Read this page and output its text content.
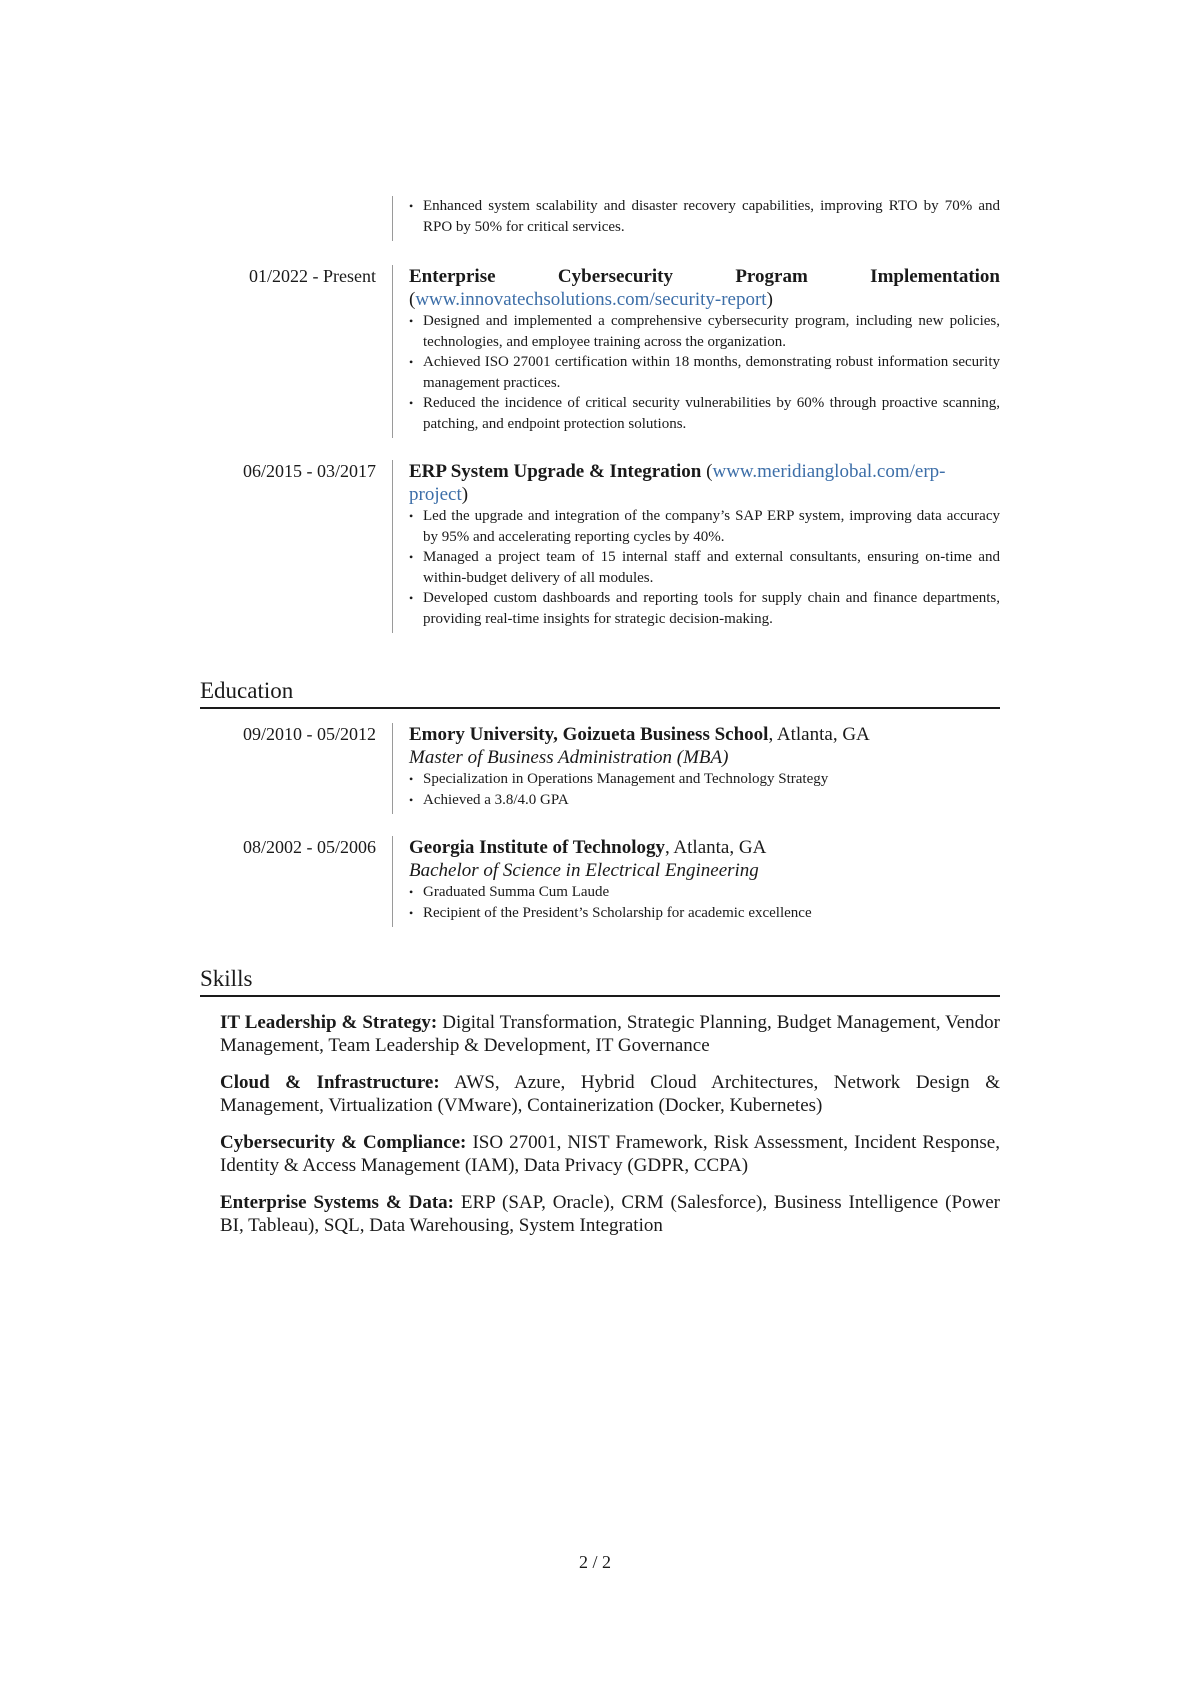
• Enhanced system scalability and disaster recovery capabilities, improving RTO by 70% and RPO by 50% for critical services.
01/2022 - Present	Enterprise Cybersecurity Program Implementation
(www.innovatechsolutions.com/security-report)
• Designed and implemented a comprehensive cybersecurity program, including new policies, technologies, and employee training across the organization.
• Achieved ISO 27001 certification within 18 months, demonstrating robust information security management practices.
• Reduced the incidence of critical security vulnerabilities by 60% through proactive scanning, patching, and endpoint protection solutions.
06/2015 - 03/2017	ERP System Upgrade & Integration (www.meridianglobal.com/erp-project)
• Led the upgrade and integration of the company’s SAP ERP system, improving data accuracy by 95% and accelerating reporting cycles by 40%.
• Managed a project team of 15 internal staff and external consultants, ensuring on-time and within-budget delivery of all modules.
• Developed custom dashboards and reporting tools for supply chain and finance departments, providing real-time insights for strategic decision-making.
Education
09/2010 - 05/2012	Emory University, Goizueta Business School, Atlanta, GA
Master of Business Administration (MBA)
• Specialization in Operations Management and Technology Strategy
• Achieved a 3.8/4.0 GPA
08/2002 - 05/2006	Georgia Institute of Technology, Atlanta, GA
Bachelor of Science in Electrical Engineering
• Graduated Summa Cum Laude
• Recipient of the President’s Scholarship for academic excellence
Skills
IT Leadership & Strategy: Digital Transformation, Strategic Planning, Budget Management, Vendor Management, Team Leadership & Development, IT Governance
Cloud & Infrastructure: AWS, Azure, Hybrid Cloud Architectures, Network Design & Management, Virtualization (VMware), Containerization (Docker, Kubernetes)
Cybersecurity & Compliance: ISO 27001, NIST Framework, Risk Assessment, Incident Response, Identity & Access Management (IAM), Data Privacy (GDPR, CCPA)
Enterprise Systems & Data: ERP (SAP, Oracle), CRM (Salesforce), Business Intelligence (Power BI, Tableau), SQL, Data Warehousing, System Integration
2 / 2
